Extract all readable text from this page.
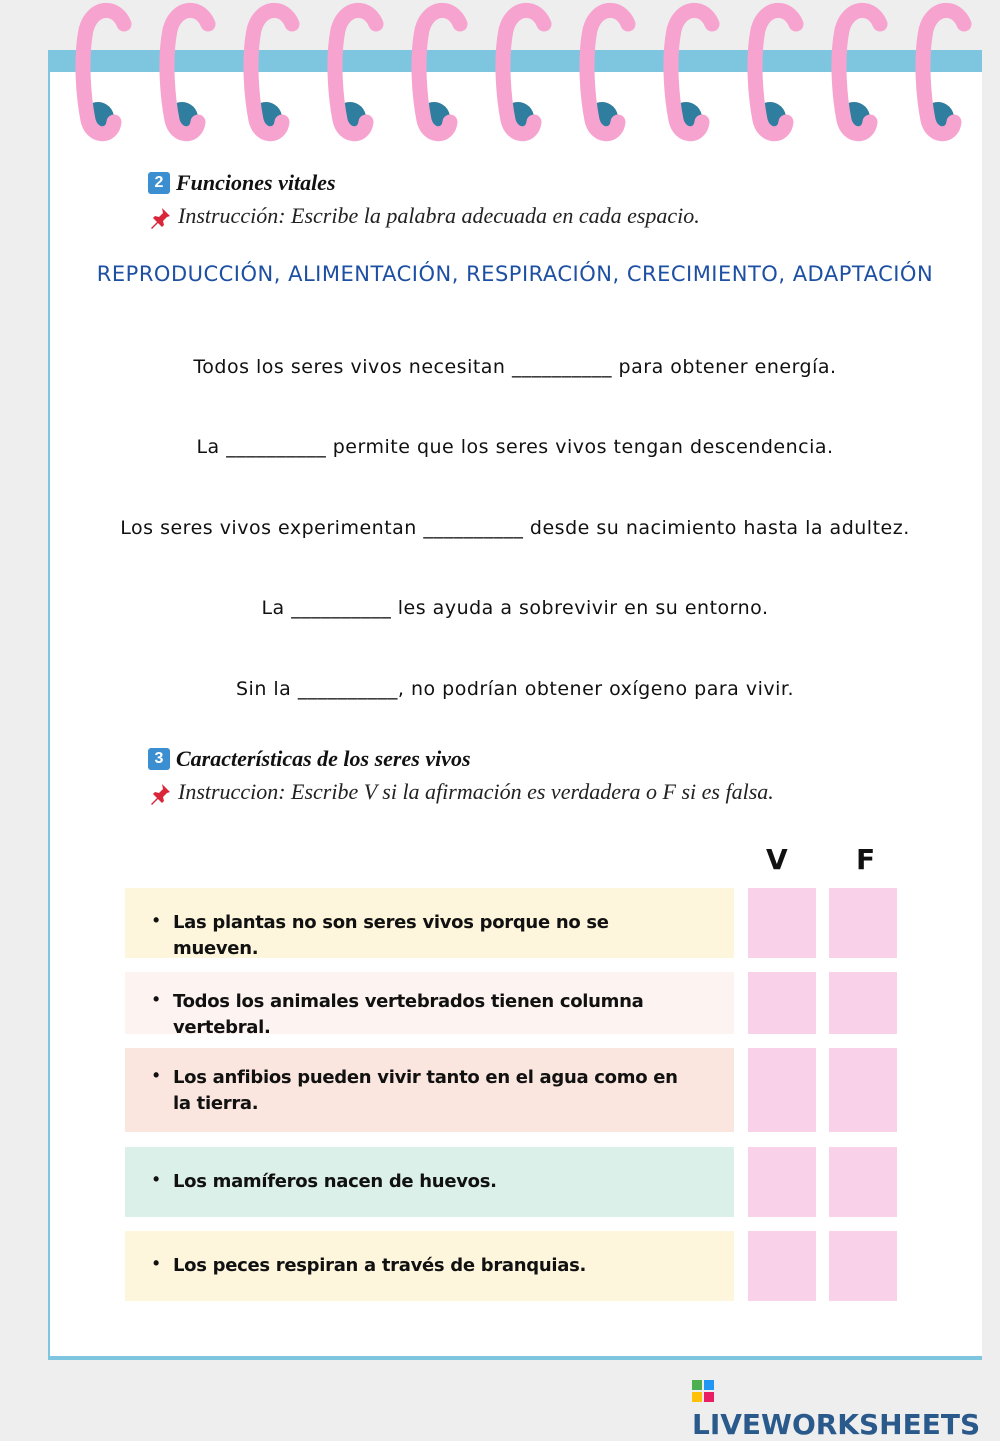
2 Funciones vitales
Instrucción: Escribe la palabra adecuada en cada espacio.
REPRODUCCIÓN, ALIMENTACIÓN, RESPIRACIÓN, CRECIMIENTO, ADAPTACIÓN
Todos los seres vivos necesitan __________ para obtener energía.
La __________ permite que los seres vivos tengan descendencia.
Los seres vivos experimentan __________ desde su nacimiento hasta la adultez.
La __________ les ayuda a sobrevivir en su entorno.
Sin la __________, no podrían obtener oxígeno para vivir.
3 Características de los seres vivos
Instruccion: Escribe V si la afirmación es verdadera o F si es falsa.
V F
• Las plantas no son seres vivos porque no se mueven.
• Todos los animales vertebrados tienen columna vertebral.
• Los anfibios pueden vivir tanto en el agua como en la tierra.
• Los mamíferos nacen de huevos.
• Los peces respiran a través de branquias.
LIVEWORKSHEETS
